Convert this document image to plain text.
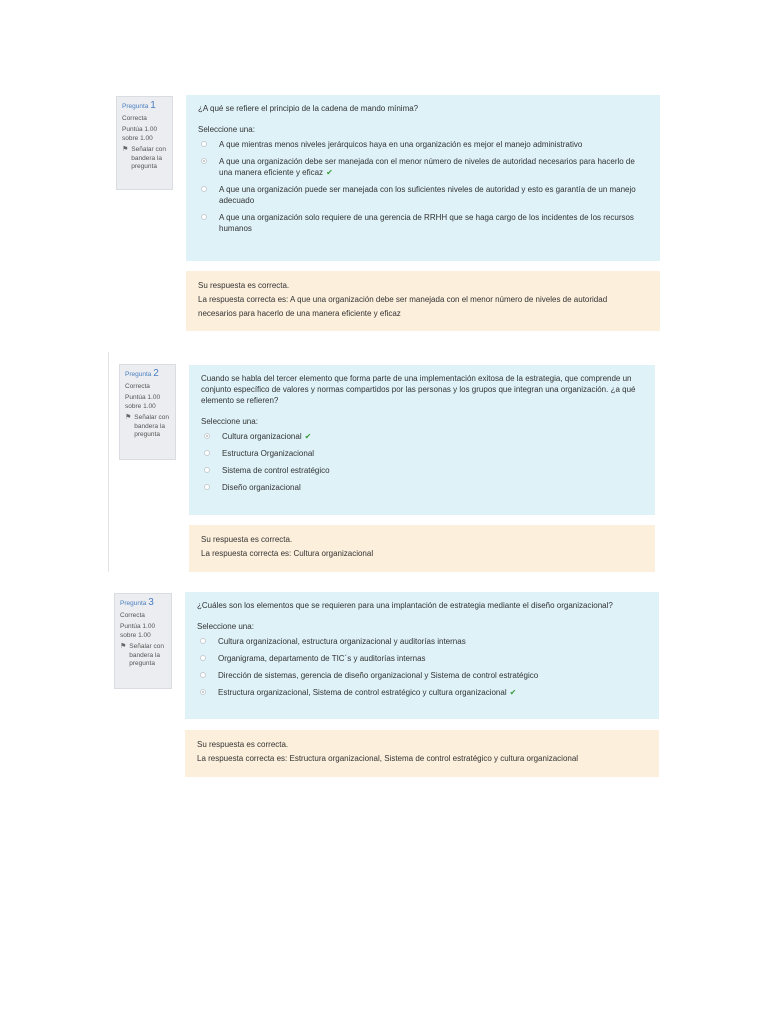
Pregunta 1
Correcta
Puntúa 1.00 sobre 1.00
⚑ Señalar con bandera la pregunta
¿A qué se refiere el principio de la cadena de mando mínima?
Seleccione una:
A que mientras menos niveles jerárquicos haya en una organización es mejor el manejo administrativo
A que una organización debe ser manejada con el menor número de niveles de autoridad necesarios para hacerlo de una manera eficiente y eficaz ✔
A que una organización puede ser manejada con los suficientes niveles de autoridad y esto es garantía de un manejo adecuado
A que una organización solo requiere de una gerencia de RRHH que se haga cargo de los incidentes de los recursos humanos
Su respuesta es correcta.
La respuesta correcta es: A que una organización debe ser manejada con el menor número de niveles de autoridad necesarios para hacerlo de una manera eficiente y eficaz
Pregunta 2
Correcta
Puntúa 1.00 sobre 1.00
⚑ Señalar con bandera la pregunta
Cuando se habla del tercer elemento que forma parte de una implementación exitosa de la estrategia, que comprende un conjunto específico de valores y normas compartidos por las personas y los grupos que integran una organización. ¿a qué elemento se refieren?
Seleccione una:
Cultura organizacional ✔
Estructura Organizacional
Sistema de control estratégico
Diseño organizacional
Su respuesta es correcta.
La respuesta correcta es: Cultura organizacional
Pregunta 3
Correcta
Puntúa 1.00 sobre 1.00
⚑ Señalar con bandera la pregunta
¿Cuáles son los elementos que se requieren para una implantación de estrategia mediante el diseño organizacional?
Seleccione una:
Cultura organizacional, estructura organizacional y auditorías internas
Organigrama, departamento de TIC´s y auditorías internas
Dirección de sistemas, gerencia de diseño organizacional y Sistema de control estratégico
Estructura organizacional, Sistema de control estratégico y cultura organizacional ✔
Su respuesta es correcta.
La respuesta correcta es: Estructura organizacional, Sistema de control estratégico y cultura organizacional
